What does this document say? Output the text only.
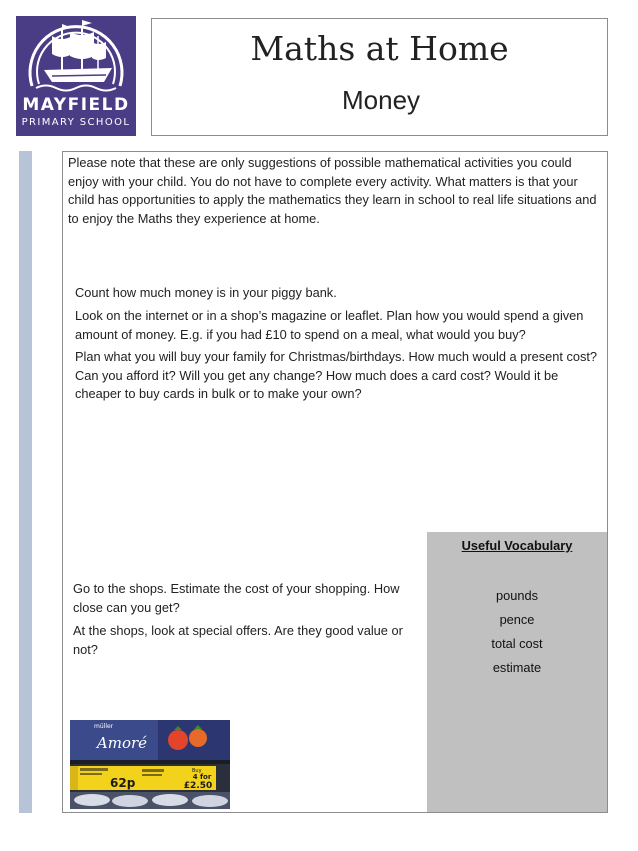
MAYFIELD
PRIMARY SCHOOL
Maths at Home
Money

Please note that these are only suggestions of possible mathematical activities you could enjoy with your child. You do not have to complete every activity. What matters is that your child has opportunities to apply the mathematics they learn in school to real life situations and to enjoy the Maths they experience at home.

Count how much money is in your piggy bank.

Look on the internet or in a shop’s magazine or leaflet. Plan how you would spend a given amount of money. E.g. if you had £10 to spend on a meal, what would you buy?

Plan what you will buy your family for Christmas/birthdays. How much would a present cost? Can you afford it? Will you get any change? How much does a card cost? Would it be cheaper to buy cards in bulk or to make your own?

Go to the shops. Estimate the cost of your shopping. How close can you get?

At the shops, look at special offers. Are they good value or not?

Useful Vocabulary
pounds
pence
total cost
estimate
müller
Amoré
62p
Buy
4 for
£2.50
